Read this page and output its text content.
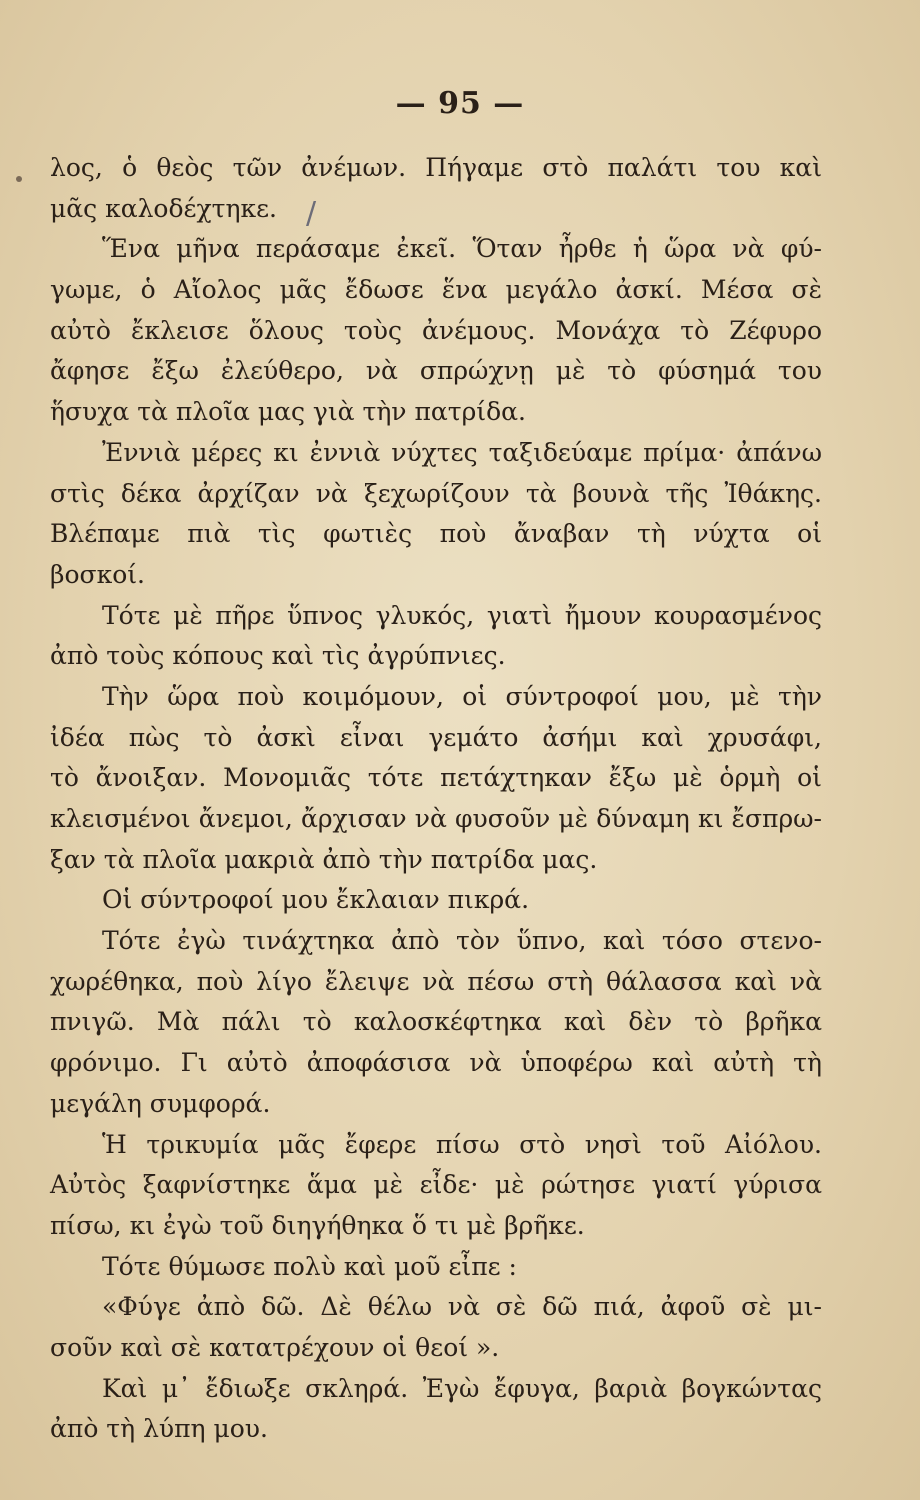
— 95 —
/
λος, ὁ θεὸς τῶν ἀνέμων. Πήγαμε στὸ παλάτι του καὶ
μᾶς καλοδέχτηκε.
Ἕνα μῆνα περάσαμε ἐκεῖ. Ὅταν ἦρθε ἡ ὥρα νὰ φύ-
γωμε, ὁ Αἴολος μᾶς ἔδωσε ἕνα μεγάλο ἀσκί. Μέσα σὲ
αὐτὸ ἔκλεισε ὅλους τοὺς ἀνέμους. Μονάχα τὸ Ζέφυρο
ἄφησε ἔξω ἐλεύθερο, νὰ σπρώχνῃ μὲ τὸ φύσημά του
ἥσυχα τὰ πλοῖα μας γιὰ τὴν πατρίδα.
Ἐννιὰ μέρες κι ἐννιὰ νύχτες ταξιδεύαμε πρίμα· ἀπάνω
στὶς δέκα ἀρχίζαν νὰ ξεχωρίζουν τὰ βουνὰ τῆς Ἰθάκης.
Βλέπαμε πιὰ τὶς φωτιὲς ποὺ ἄναβαν τὴ νύχτα οἱ
βοσκοί.
Τότε μὲ πῆρε ὕπνος γλυκός, γιατὶ ἤμουν κουρασμένος
ἀπὸ τοὺς κόπους καὶ τὶς ἀγρύπνιες.
Τὴν ὥρα ποὺ κοιμόμουν, οἱ σύντροφοί μου, μὲ τὴν
ἰδέα πὼς τὸ ἀσκὶ εἶναι γεμάτο ἀσήμι καὶ χρυσάφι,
τὸ ἄνοιξαν. Μονομιᾶς τότε πετάχτηκαν ἔξω μὲ ὁρμὴ οἱ
κλεισμένοι ἄνεμοι, ἄρχισαν νὰ φυσοῦν μὲ δύναμη κι ἔσπρω-
ξαν τὰ πλοῖα μακριὰ ἀπὸ τὴν πατρίδα μας.
Οἱ σύντροφοί μου ἔκλαιαν πικρά.
Τότε ἐγὼ τινάχτηκα ἀπὸ τὸν ὕπνο, καὶ τόσο στενο-
χωρέθηκα, ποὺ λίγο ἔλειψε νὰ πέσω στὴ θάλασσα καὶ νὰ
πνιγῶ. Μὰ πάλι τὸ καλοσκέφτηκα καὶ δὲν τὸ βρῆκα
φρόνιμο. Γι αὐτὸ ἀποφάσισα νὰ ὑποφέρω καὶ αὐτὴ τὴ
μεγάλη συμφορά.
Ἡ τρικυμία μᾶς ἔφερε πίσω στὸ νησὶ τοῦ Αἰόλου.
Αὐτὸς ξαφνίστηκε ἅμα μὲ εἶδε· μὲ ρώτησε γιατί γύρισα
πίσω, κι ἐγὼ τοῦ διηγήθηκα ὅ τι μὲ βρῆκε.
Τότε θύμωσε πολὺ καὶ μοῦ εἶπε :
«Φύγε ἀπὸ δῶ. Δὲ θέλω νὰ σὲ δῶ πιά, ἀφοῦ σὲ μι-
σοῦν καὶ σὲ κατατρέχουν οἱ θεοί ».
Καὶ μ᾽ ἔδιωξε σκληρά. Ἐγὼ ἔφυγα, βαριὰ βογκώντας
ἀπὸ τὴ λύπη μου.
